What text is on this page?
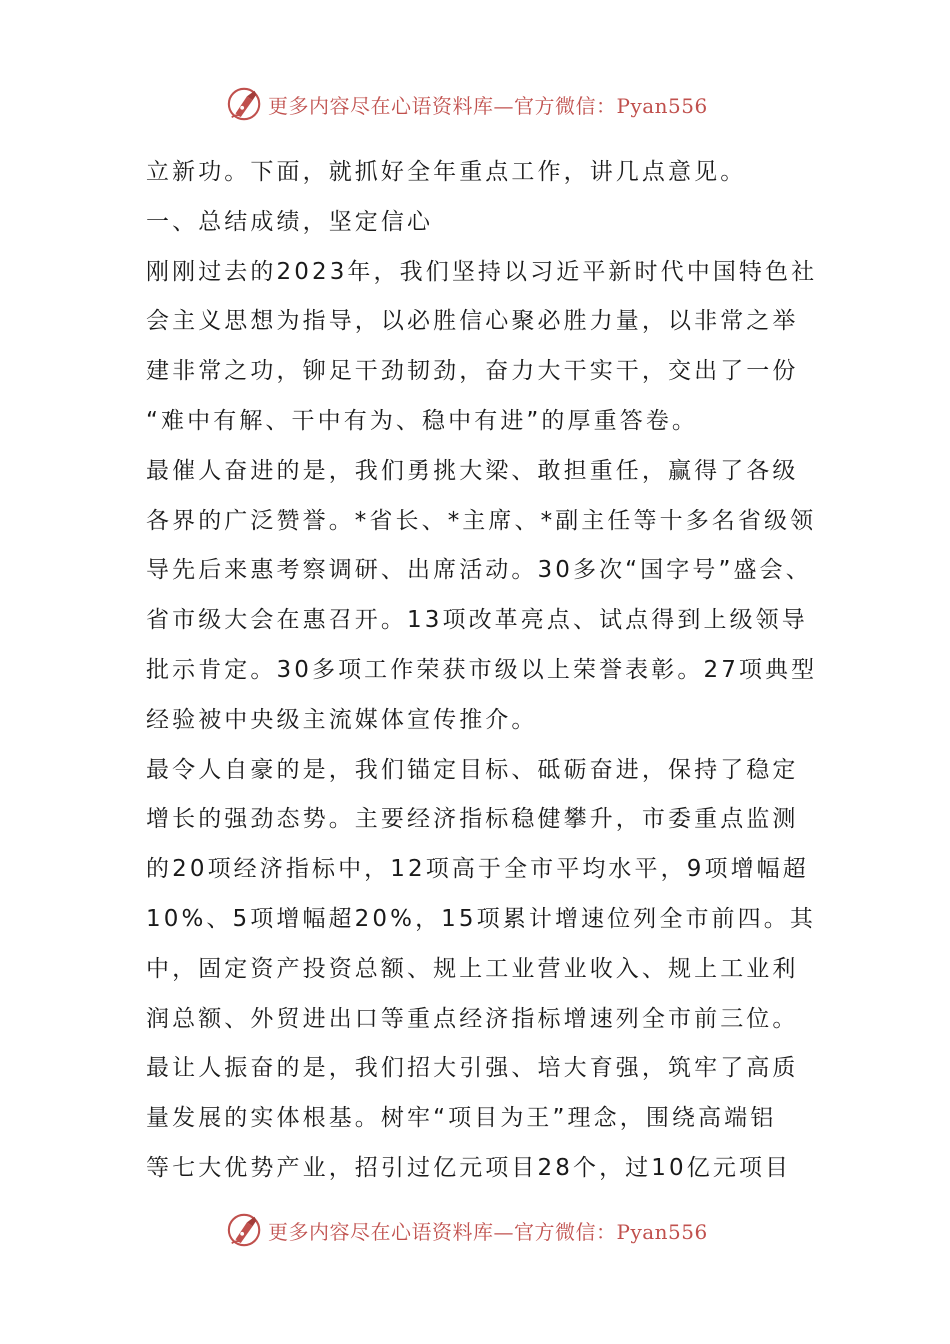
更多内容尽在心语资料库—官方微信：Pyan556
立新功。下面，就抓好全年重点工作，讲几点意见。
一、总结成绩，坚定信心
刚刚过去的2023年，我们坚持以习近平新时代中国特色社
会主义思想为指导，以必胜信心聚必胜力量，以非常之举
建非常之功，铆足干劲韧劲，奋力大干实干，交出了一份
“难中有解、干中有为、稳中有进”的厚重答卷。
最催人奋进的是，我们勇挑大梁、敢担重任，赢得了各级
各界的广泛赞誉。*省长、*主席、*副主任等十多名省级领
导先后来惠考察调研、出席活动。30多次“国字号”盛会、
省市级大会在惠召开。13项改革亮点、试点得到上级领导
批示肯定。30多项工作荣获市级以上荣誉表彰。27项典型
经验被中央级主流媒体宣传推介。
最令人自豪的是，我们锚定目标、砥砺奋进，保持了稳定
增长的强劲态势。主要经济指标稳健攀升，市委重点监测
的20项经济指标中，12项高于全市平均水平，9项增幅超
10%、5项增幅超20%，15项累计增速位列全市前四。其
中，固定资产投资总额、规上工业营业收入、规上工业利
润总额、外贸进出口等重点经济指标增速列全市前三位。
最让人振奋的是，我们招大引强、培大育强，筑牢了高质
量发展的实体根基。树牢“项目为王”理念，围绕高端铝
等七大优势产业，招引过亿元项目28个，过10亿元项目
更多内容尽在心语资料库—官方微信：Pyan556
